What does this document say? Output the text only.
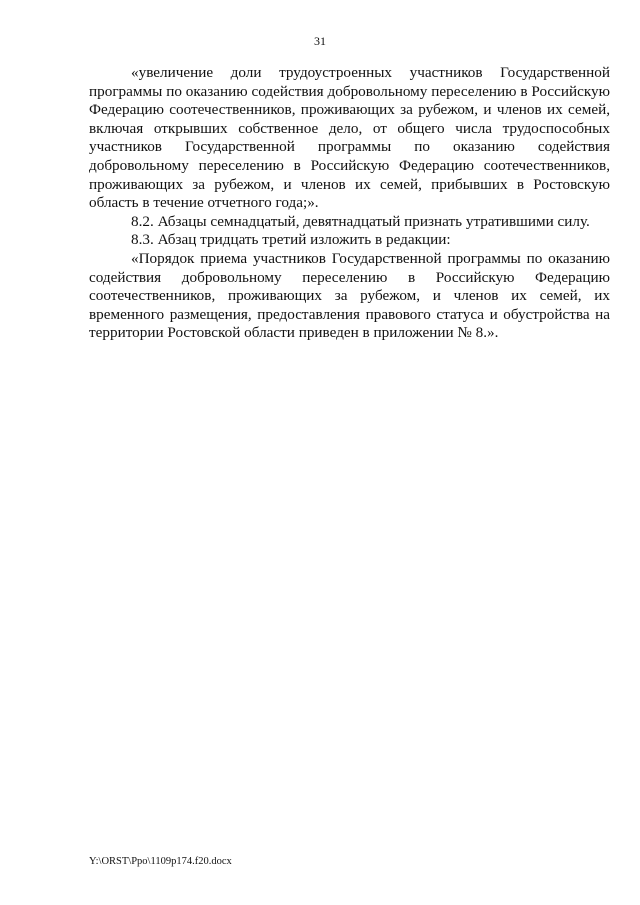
31

«увеличение доли трудоустроенных участников Государственной программы по оказанию содействия добровольному переселению в Российскую Федерацию соотечественников, проживающих за рубежом, и членов их семей, включая открывших собственное дело, от общего числа трудоспособных участников Государственной программы по оказанию содействия добровольному переселению в Российскую Федерацию соотечественников, проживающих за рубежом, и членов их семей, прибывших в Ростовскую область в течение отчетного года;».

8.2. Абзацы семнадцатый, девятнадцатый признать утратившими силу.

8.3. Абзац тридцать третий изложить в редакции:

«Порядок приема участников Государственной программы по оказанию содействия добровольному переселению в Российскую Федерацию соотечественников, проживающих за рубежом, и членов их семей, их временного размещения, предоставления правового статуса и обустройства на территории Ростовской области приведен в приложении № 8.».

Y:\ORST\Ppo\1109p174.f20.docx
